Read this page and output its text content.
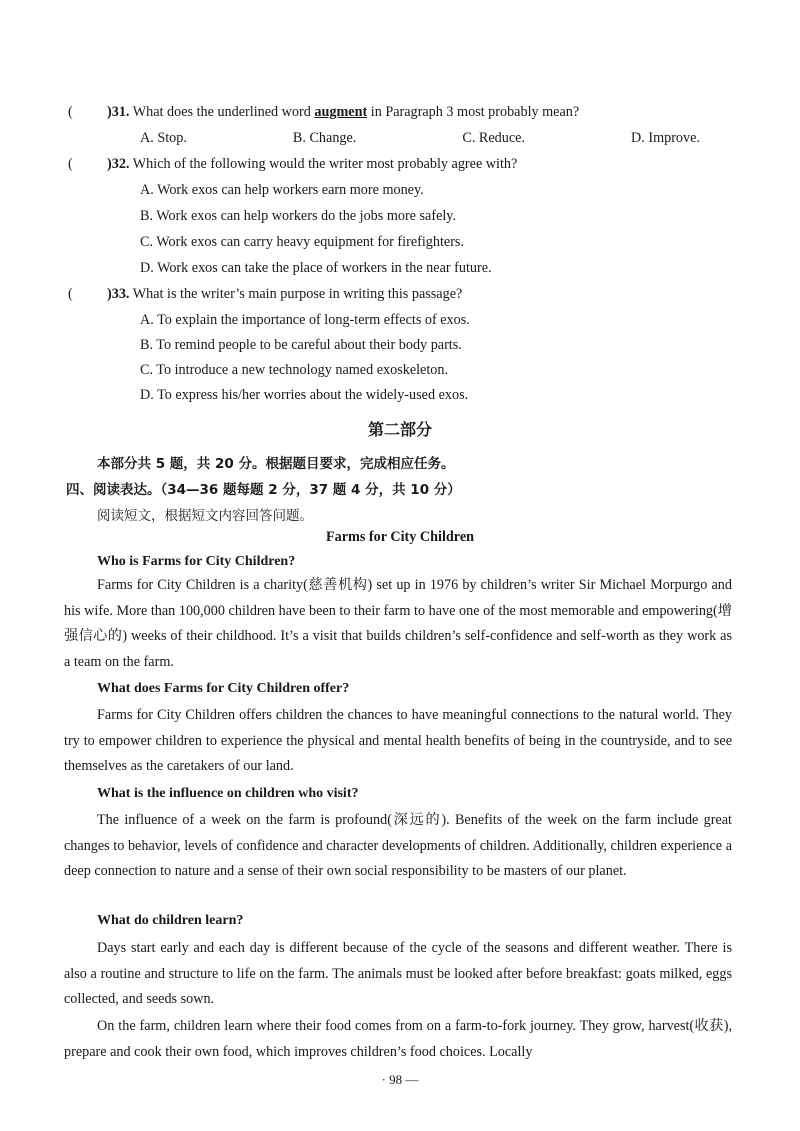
( )31. What does the underlined word augment in Paragraph 3 most probably mean?
A. Stop.	B. Change.	C. Reduce.	D. Improve.
( )32. Which of the following would the writer most probably agree with?
A. Work exos can help workers earn more money.
B. Work exos can help workers do the jobs more safely.
C. Work exos can carry heavy equipment for firefighters.
D. Work exos can take the place of workers in the near future.
( )33. What is the writer’s main purpose in writing this passage?
A. To explain the importance of long-term effects of exos.
B. To remind people to be careful about their body parts.
C. To introduce a new technology named exoskeleton.
D. To express his/her worries about the widely-used exos.
第二部分
本部分共 5 题，共 20 分。根据题目要求，完成相应任务。
四、阅读表达。（34—36 题每题 2 分，37 题 4 分，共 10 分）
阅读短文，根据短文内容回答问题。
Farms for City Children
Who is Farms for City Children?
Farms for City Children is a charity(慈善机构) set up in 1976 by children’s writer Sir Michael Morpurgo and his wife. More than 100,000 children have been to their farm to have one of the most memorable and empowering(增强信心的) weeks of their childhood. It’s a visit that builds children’s self-confidence and self-worth as they work as a team on the farm.
What does Farms for City Children offer?
Farms for City Children offers children the chances to have meaningful connections to the natural world. They try to empower children to experience the physical and mental health benefits of being in the countryside, and to see themselves as the caretakers of our land.
What is the influence on children who visit?
The influence of a week on the farm is profound(深远的). Benefits of the week on the farm include great changes to behavior, levels of confidence and character developments of children. Additionally, children experience a deep connection to nature and a sense of their own social responsibility to be masters of our planet.
What do children learn?
Days start early and each day is different because of the cycle of the seasons and different weather. There is also a routine and structure to life on the farm. The animals must be looked after before breakfast: goats milked, eggs collected, and seeds sown.
On the farm, children learn where their food comes from on a farm-to-fork journey. They grow, harvest(收获), prepare and cook their own food, which improves children’s food choices. Locally
· 98 —
